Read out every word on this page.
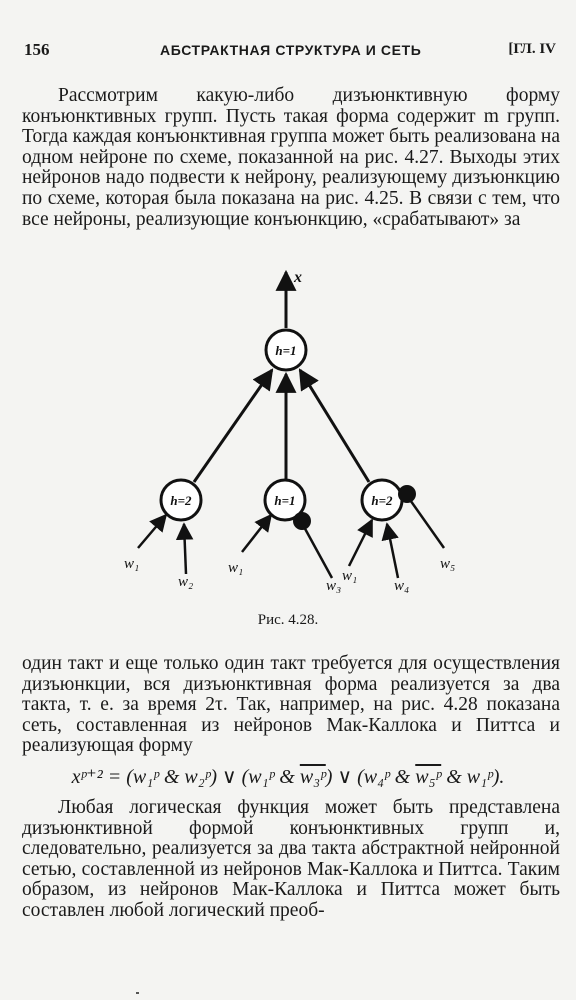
156	АБСТРАКТНАЯ СТРУКТУРА И СЕТЬ	[ГЛ. IV
Рассмотрим какую-либо дизъюнктивную форму конъюнктивных групп. Пусть такая форма содержит m групп. Тогда каждая конъюнктивная группа может быть реализована на одном нейроне по схеме, показанной на рис. 4.27. Выходы этих нейронов надо подвести к нейрону, реализующему дизъюнкцию по схеме, которая была показана на рис. 4.25. В связи с тем, что все нейроны, реализующие конъюнкцию, «срабатывают» за
x
h=1
h=2	h=1	h=2
w₁
w₂
w₁
w₃
w₁
w₄
w₅
Рис. 4.28.
один такт и еще только один такт требуется для осуществления дизъюнкции, вся дизъюнктивная форма реализуется за два такта, т. е. за время 2τ. Так, например, на рис. 4.28 показана сеть, составленная из нейронов Мак-Каллока и Питтса и реализующая форму
xᵖ⁺² = (w₁ᵖ & w₂ᵖ) ∨ (w₁ᵖ & w₃ᵖ) ∨ (w₄ᵖ & w₅ᵖ & w₁ᵖ).
Любая логическая функция может быть представлена дизъюнктивной формой конъюнктивных групп и, следовательно, реализуется за два такта абстрактной нейронной сетью, составленной из нейронов Мак-Каллока и Питтса. Таким образом, из нейронов Мак-Каллока и Питтса может быть составлен любой логический преоб-
